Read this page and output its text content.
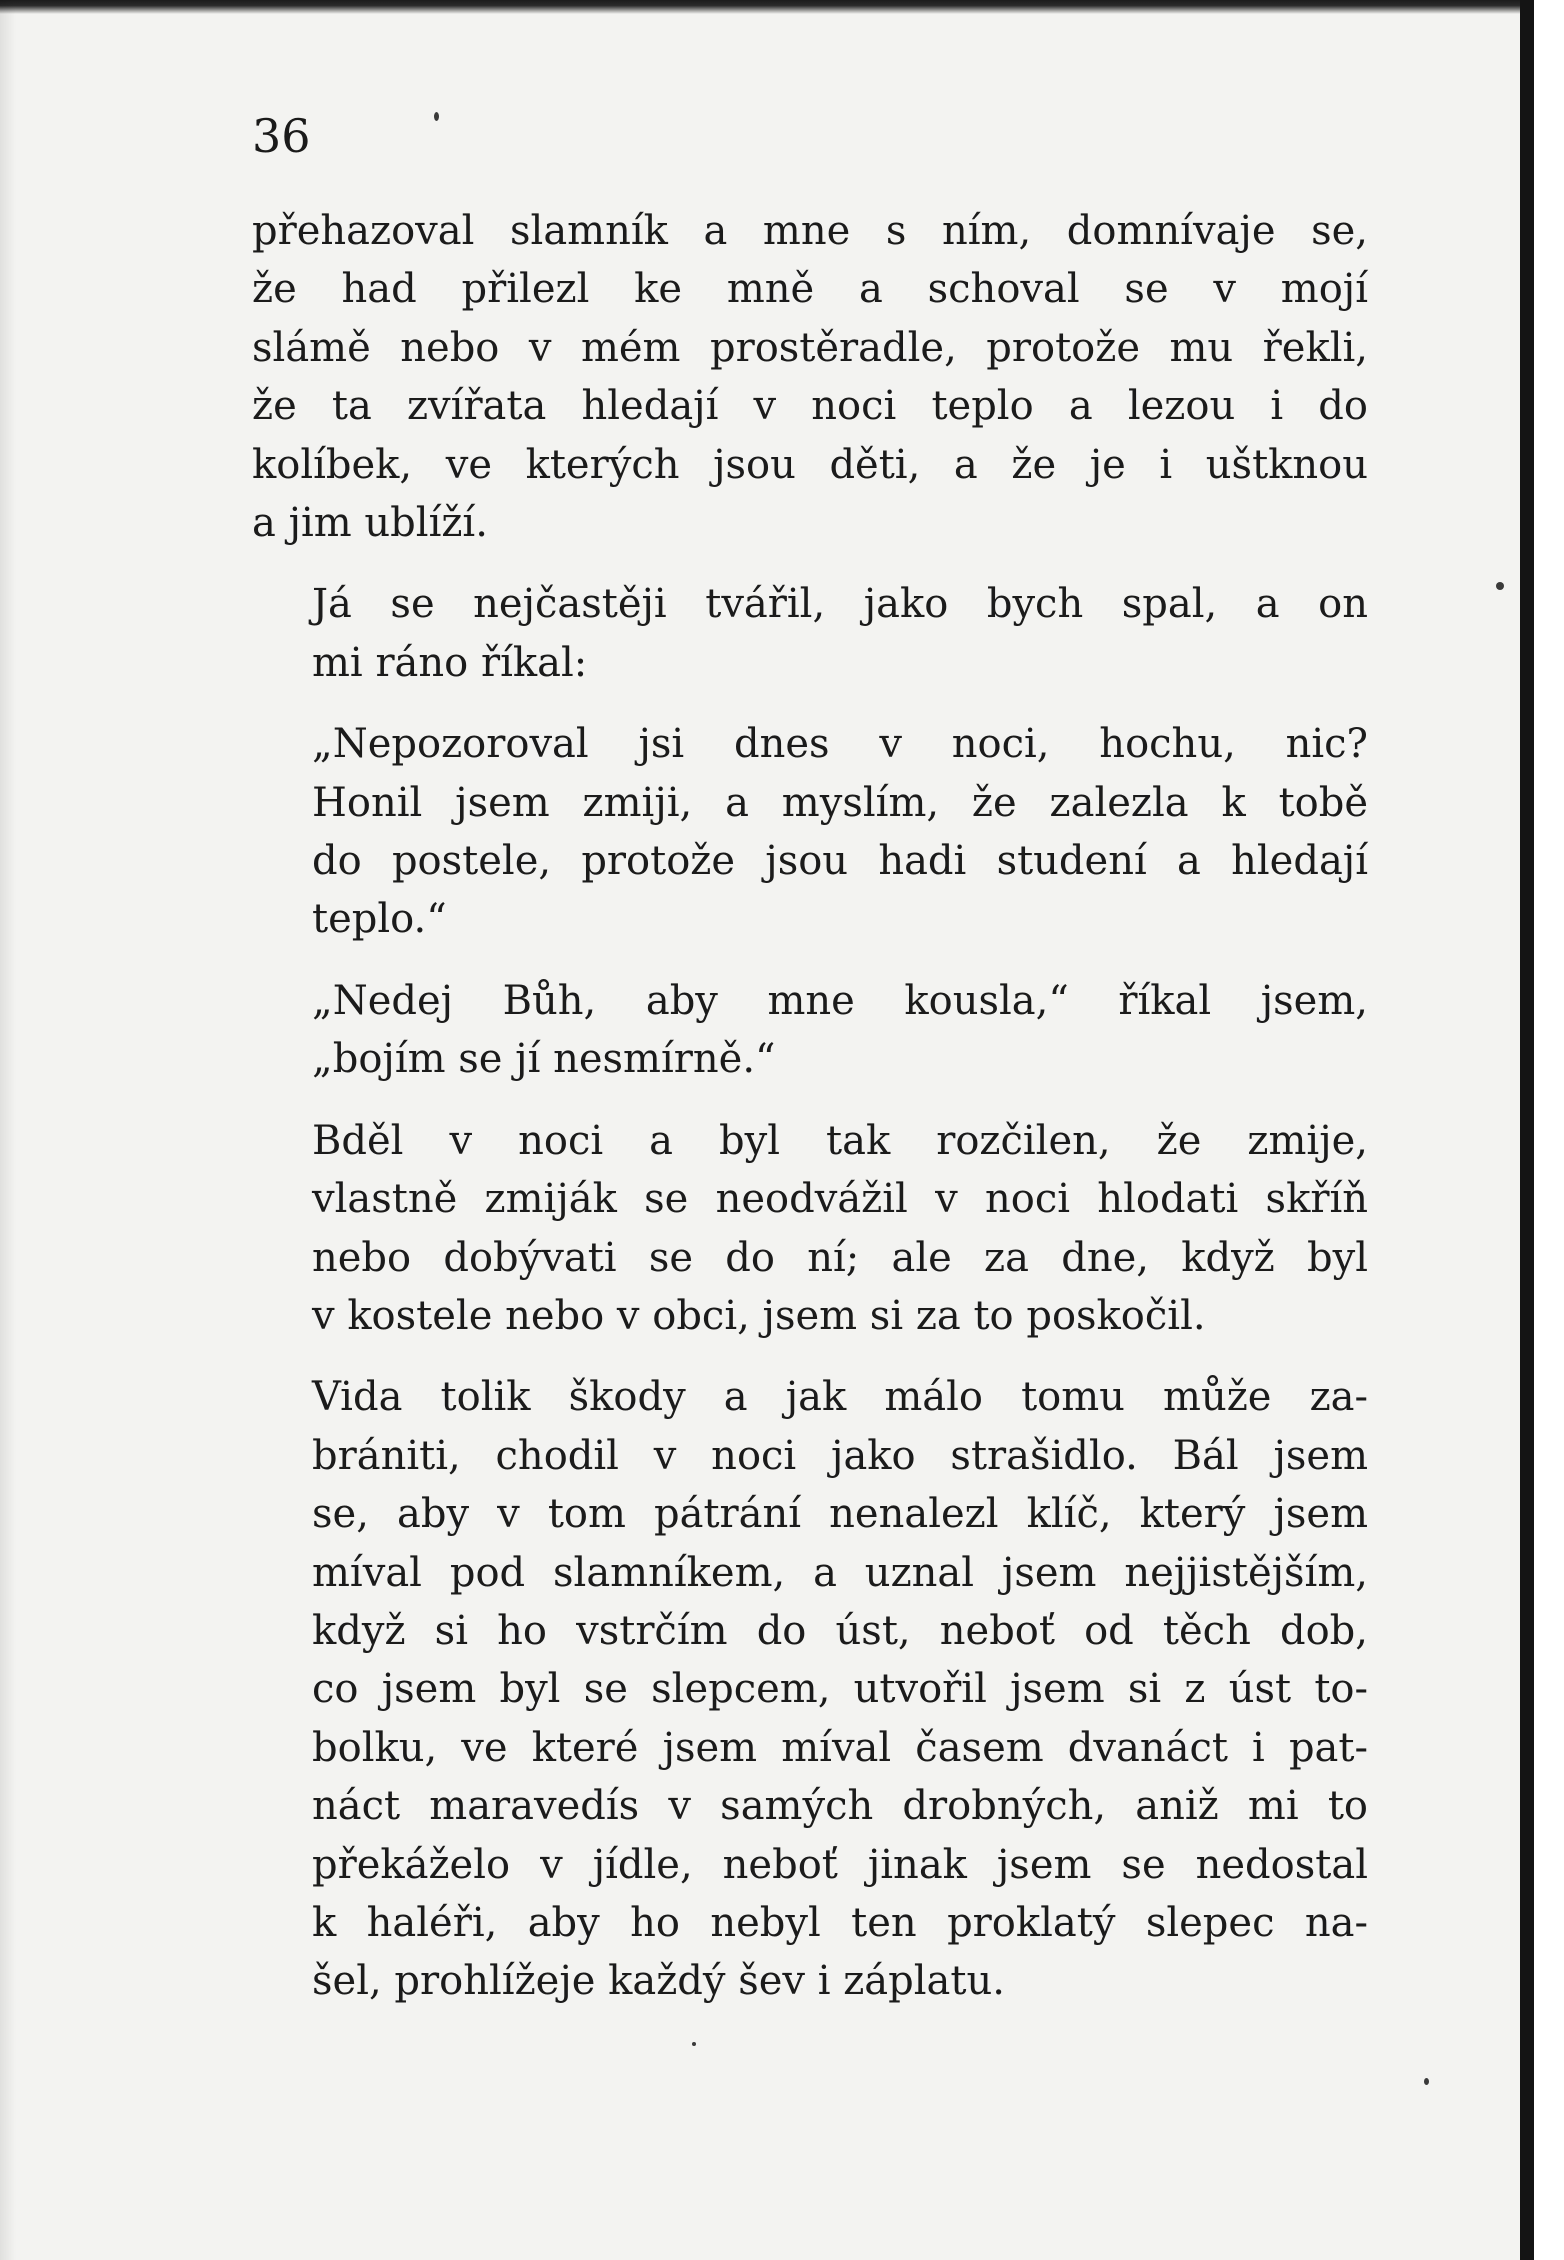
36

přehazoval slamník a mne s ním, domnívaje se,
že had přilezl ke mně a schoval se v mojí
slámě nebo v mém prostěradle, protože mu řekli,
že ta zvířata hledají v noci teplo a lezou i do
kolíbek, ve kterých jsou děti, a že je i uštknou
a jim ublíží.

Já se nejčastěji tvářil, jako bych spal, a on
mi ráno říkal:

„Nepozoroval jsi dnes v noci, hochu, nic?
Honil jsem zmiji, a myslím, že zalezla k tobě
do postele, protože jsou hadi studení a hledají
teplo.“

„Nedej Bůh, aby mne kousla,“ říkal jsem,
„bojím se jí nesmírně.“

Bděl v noci a byl tak rozčilen, že zmije,
vlastně zmiják se neodvážil v noci hlodati skříň
nebo dobývati se do ní; ale za dne, když byl
v kostele nebo v obci, jsem si za to poskočil.

Vida tolik škody a jak málo tomu může za-
brániti, chodil v noci jako strašidlo. Bál jsem
se, aby v tom pátrání nenalezl klíč, který jsem
míval pod slamníkem, a uznal jsem nejjistějším,
když si ho vstrčím do úst, neboť od těch dob,
co jsem byl se slepcem, utvořil jsem si z úst to-
bolku, ve které jsem míval časem dvanáct i pat-
náct maravedís v samých drobných, aniž mi to
překáželo v jídle, neboť jinak jsem se nedostal
k haléři, aby ho nebyl ten proklatý slepec na-
šel, prohlížeje každý šev i záplatu.
